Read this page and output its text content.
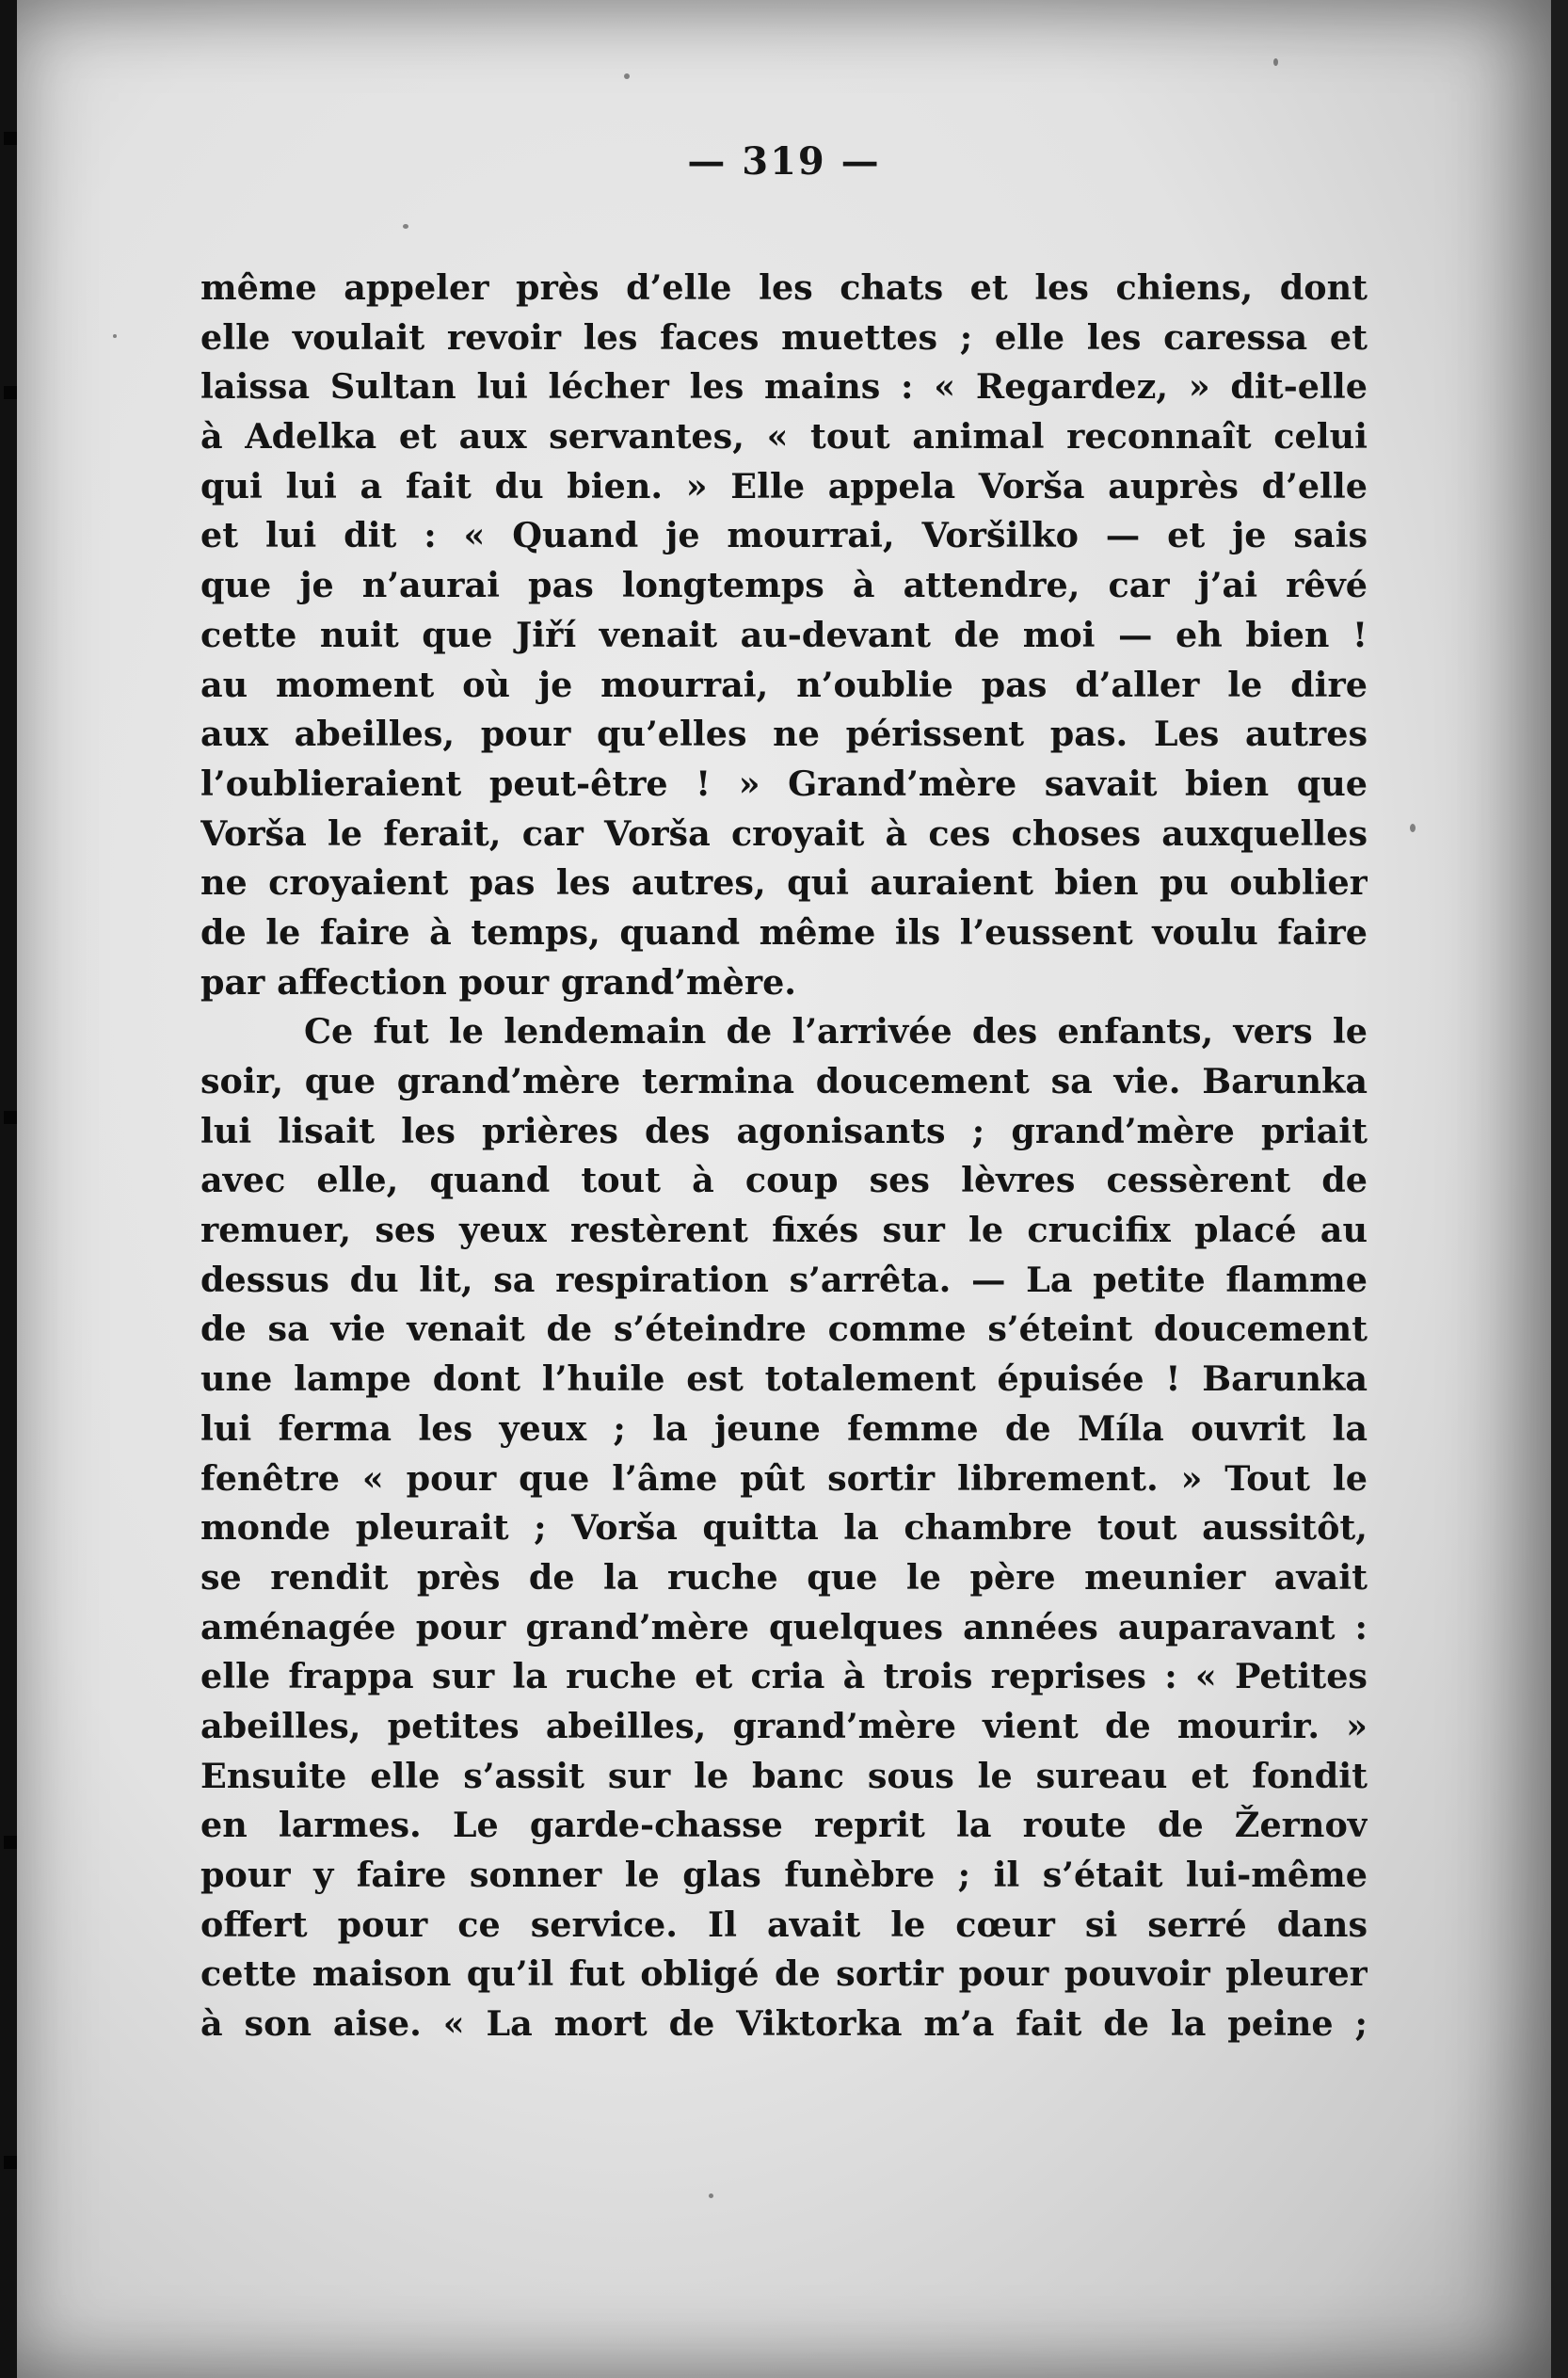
— 319 —
même appeler près d’elle les chats et les chiens, dont
elle voulait revoir les faces muettes ; elle les caressa et
laissa Sultan lui lécher les mains : « Regardez, » dit-elle
à Adelka et aux servantes, « tout animal reconnaît celui
qui lui a fait du bien. » Elle appela Vorša auprès d’elle
et lui dit : « Quand je mourrai, Voršilko — et je sais
que je n’aurai pas longtemps à attendre, car j’ai rêvé
cette nuit que Jiří venait au-devant de moi — eh bien !
au moment où je mourrai, n’oublie pas d’aller le dire
aux abeilles, pour qu’elles ne périssent pas. Les autres
l’oublieraient peut-être ! » Grand’mère savait bien que
Vorša le ferait, car Vorša croyait à ces choses auxquelles
ne croyaient pas les autres, qui auraient bien pu oublier
de le faire à temps, quand même ils l’eussent voulu faire
par affection pour grand’mère.
Ce fut le lendemain de l’arrivée des enfants, vers le
soir, que grand’mère termina doucement sa vie. Barunka
lui lisait les prières des agonisants ; grand’mère priait
avec elle, quand tout à coup ses lèvres cessèrent de
remuer, ses yeux restèrent fixés sur le crucifix placé au
dessus du lit, sa respiration s’arrêta. — La petite flamme
de sa vie venait de s’éteindre comme s’éteint doucement
une lampe dont l’huile est totalement épuisée ! Barunka
lui ferma les yeux ; la jeune femme de Míla ouvrit la
fenêtre « pour que l’âme pût sortir librement. » Tout le
monde pleurait ; Vorša quitta la chambre tout aussitôt,
se rendit près de la ruche que le père meunier avait
aménagée pour grand’mère quelques années auparavant :
elle frappa sur la ruche et cria à trois reprises : « Petites
abeilles, petites abeilles, grand’mère vient de mourir. »
Ensuite elle s’assit sur le banc sous le sureau et fondit
en larmes. Le garde-chasse reprit la route de Žernov
pour y faire sonner le glas funèbre ; il s’était lui-même
offert pour ce service. Il avait le cœur si serré dans
cette maison qu’il fut obligé de sortir pour pouvoir pleurer
à son aise. « La mort de Viktorka m’a fait de la peine ;
